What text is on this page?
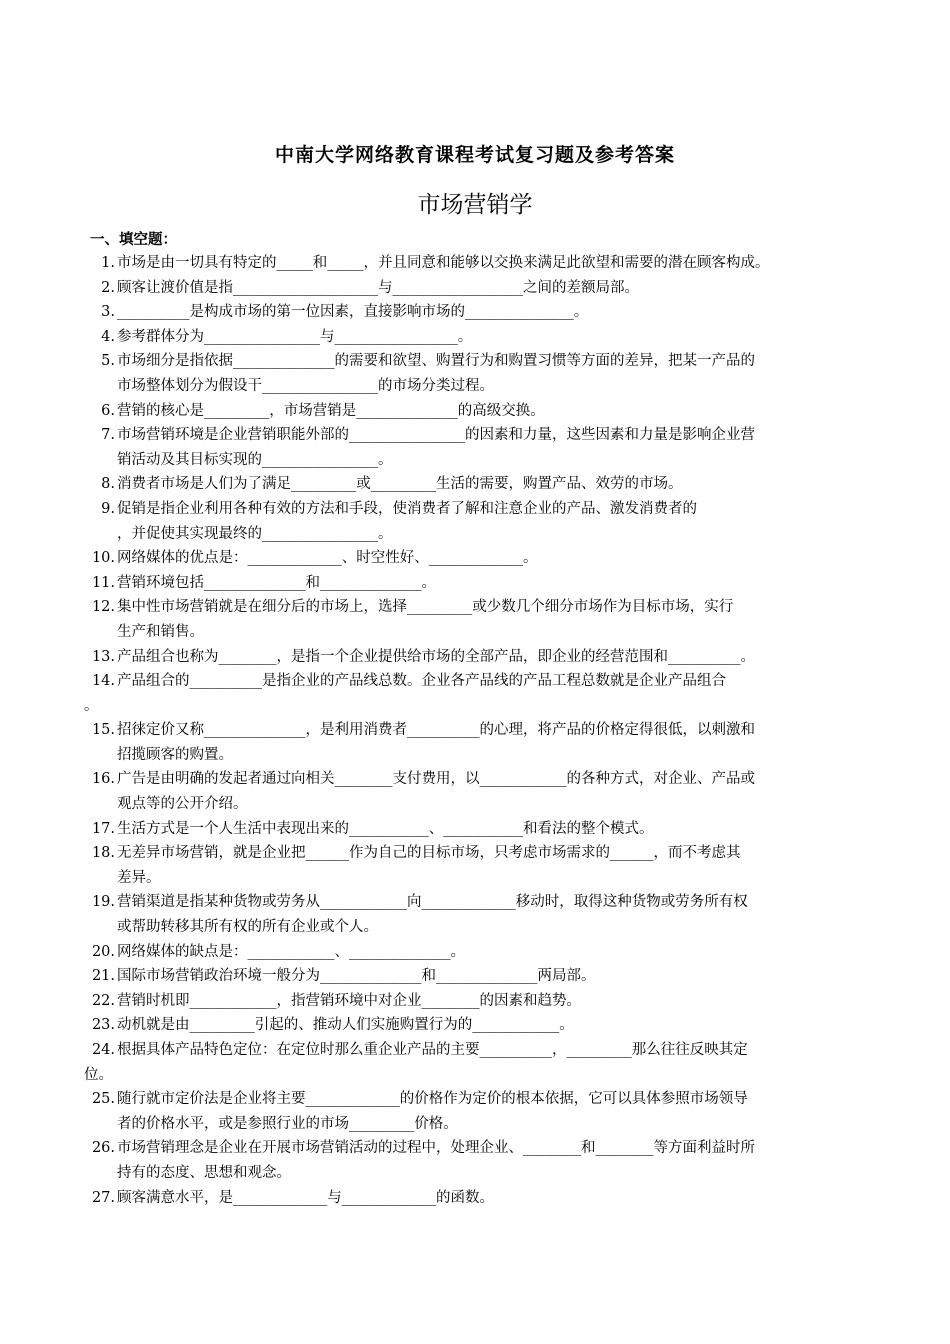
中南大学网络教育课程考试复习题及参考答案
市场营销学
一、填空题：
1. 市场是由一切具有特定的_____和_____，并且同意和能够以交换来满足此欲望和需要的潜在顾客构成。
2. 顾客让渡价值是指____________________与__________________之间的差额局部。
3. __________是构成市场的第一位因素，直接影响市场的_______________。
4. 参考群体分为________________与_________________。
5. 市场细分是指依据______________的需要和欲望、购置行为和购置习惯等方面的差异，把某一产品的
市场整体划分为假设干________________的市场分类过程。
6. 营销的核心是_________，市场营销是______________的高级交换。
7. 市场营销环境是企业营销职能外部的________________的因素和力量，这些因素和力量是影响企业营
销活动及其目标实现的________________。
8. 消费者市场是人们为了满足_________或_________生活的需要，购置产品、效劳的市场。
9. 促销是指企业利用各种有效的方法和手段，使消费者了解和注意企业的产品、激发消费者的
，并促使其实现最终的________________。
10. 网络媒体的优点是：_____________、时空性好、_____________。
11. 营销环境包括______________和______________。
12. 集中性市场营销就是在细分后的市场上，选择_________或少数几个细分市场作为目标市场，实行
生产和销售。
13. 产品组合也称为________，是指一个企业提供给市场的全部产品，即企业的经营范围和__________。
14. 产品组合的__________是指企业的产品线总数。企业各产品线的产品工程总数就是企业产品组合
。
15. 招徕定价又称______________，是利用消费者__________的心理，将产品的价格定得很低，以刺激和
招揽顾客的购置。
16. 广告是由明确的发起者通过向相关________支付费用，以____________的各种方式，对企业、产品或
观点等的公开介绍。
17. 生活方式是一个人生活中表现出来的___________、___________和看法的整个模式。
18. 无差异市场营销，就是企业把______作为自己的目标市场，只考虑市场需求的______，而不考虑其
差异。
19. 营销渠道是指某种货物或劳务从____________向_____________移动时，取得这种货物或劳务所有权
或帮助转移其所有权的所有企业或个人。
20. 网络媒体的缺点是：____________、______________。
21. 国际市场营销政治环境一般分为______________和______________两局部。
22. 营销时机即____________，指营销环境中对企业________的因素和趋势。
23. 动机就是由_________引起的、推动人们实施购置行为的____________。
24. 根据具体产品特色定位：在定位时那么重企业产品的主要__________，_________那么往往反映其定
位。
25. 随行就市定价法是企业将主要_____________的价格作为定价的根本依据，它可以具体参照市场领导
者的价格水平，或是参照行业的市场_________价格。
26. 市场营销理念是企业在开展市场营销活动的过程中，处理企业、________和________等方面利益时所
持有的态度、思想和观念。
27. 顾客满意水平，是_____________与_____________的函数。
